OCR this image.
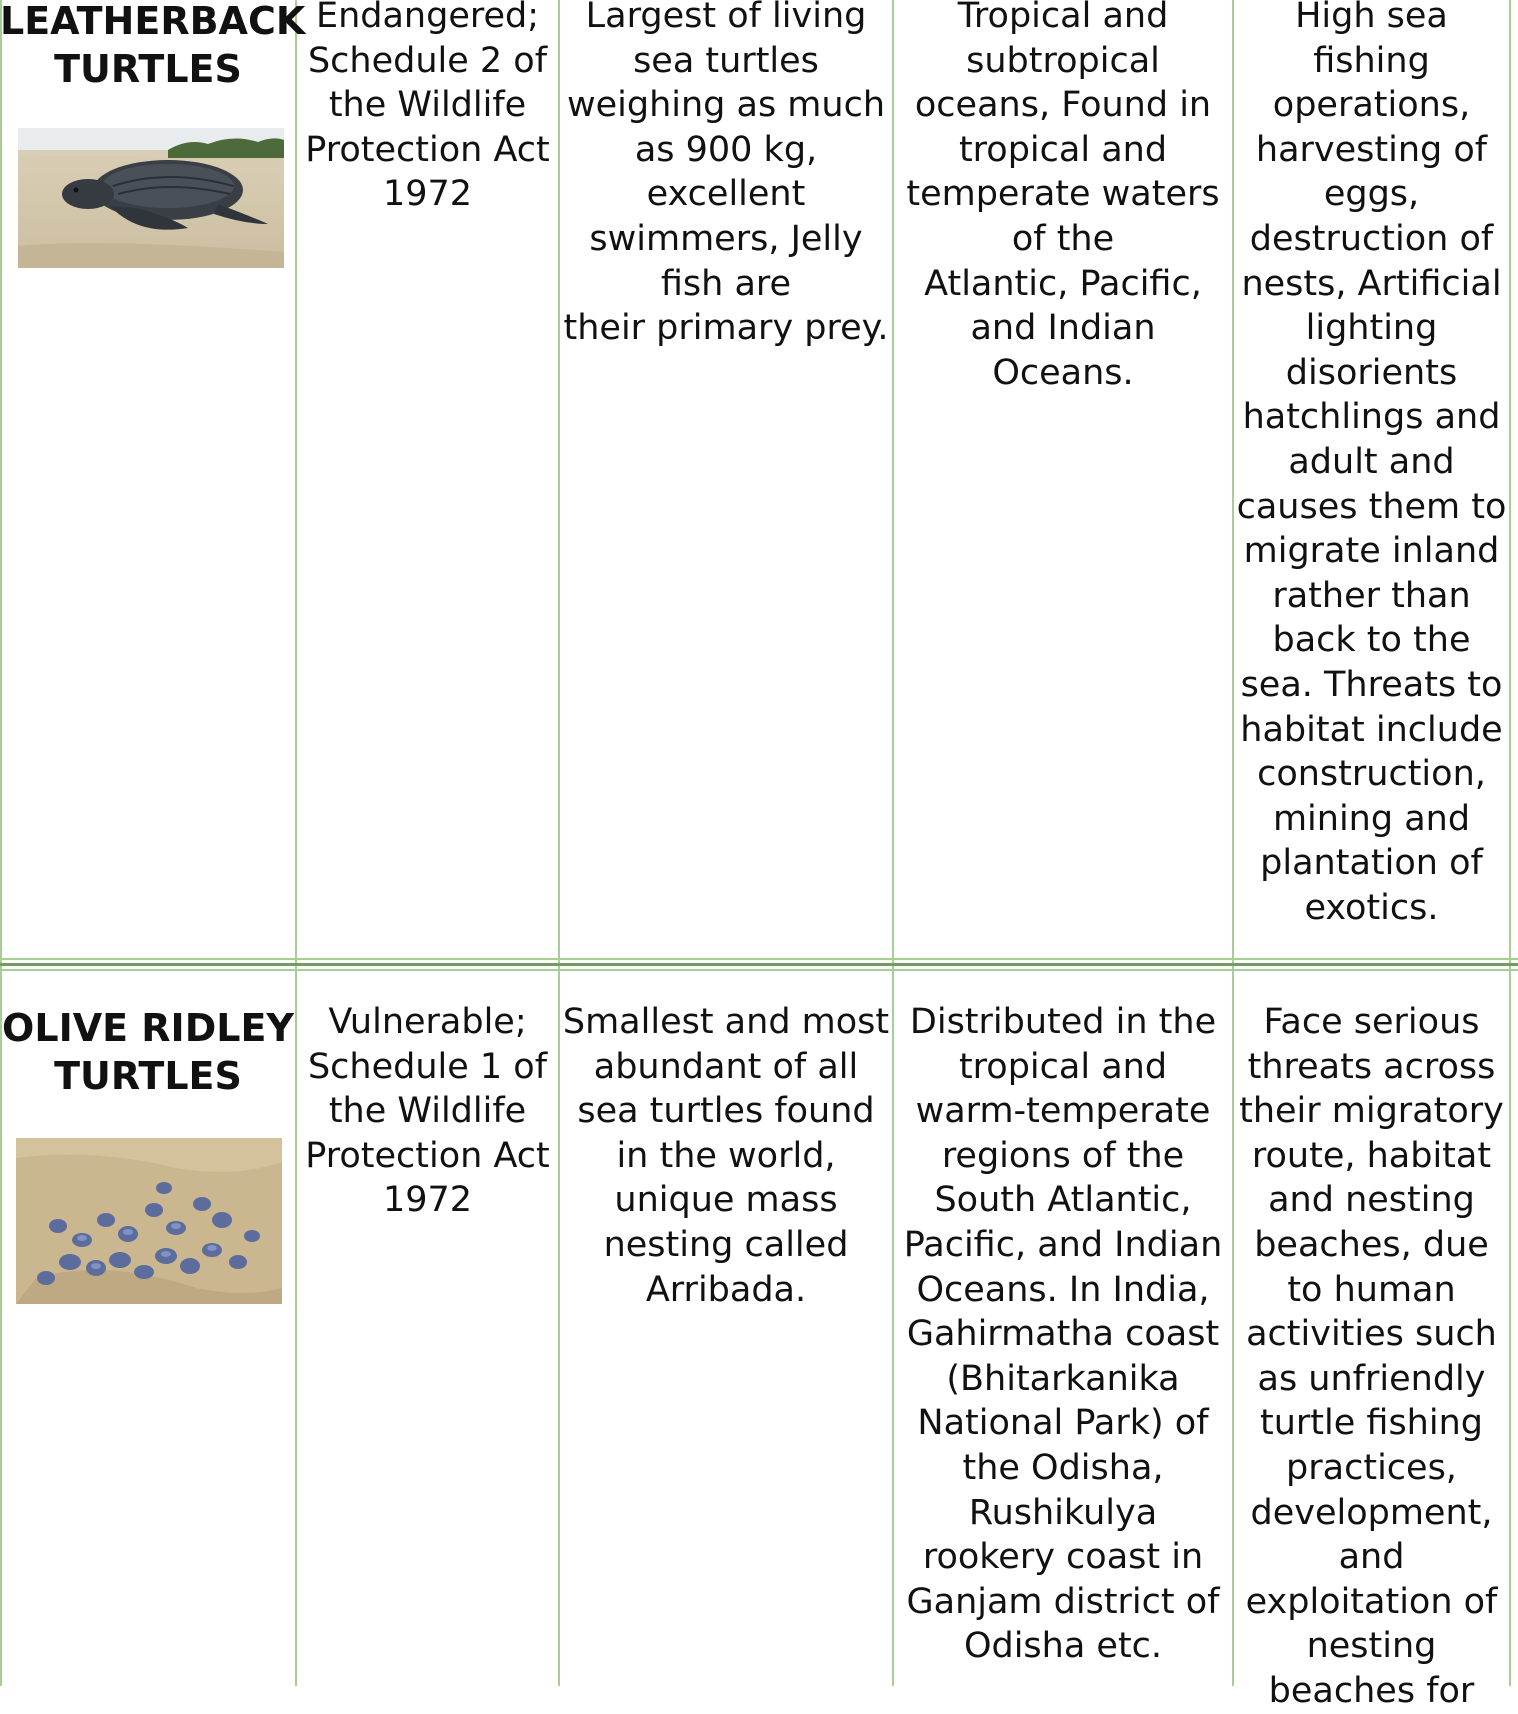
LEATHERBACK
TURTLES
Endangered;
Schedule 2 of
the Wildlife
Protection Act
1972
Largest of living
sea turtles
weighing as much
as 900 kg,
excellent
swimmers, Jelly
fish are
their primary prey.
Tropical and
subtropical
oceans, Found in
tropical and
temperate waters
of the
Atlantic, Pacific,
and Indian
Oceans.
High sea
fishing
operations,
harvesting of
eggs,
destruction of
nests, Artificial
lighting
disorients
hatchlings and
adult and
causes them to
migrate inland
rather than
back to the
sea. Threats to
habitat include
construction,
mining and
plantation of
exotics.
OLIVE RIDLEY
TURTLES
Vulnerable;
Schedule 1 of
the Wildlife
Protection Act
1972
Smallest and most
abundant of all
sea turtles found
in the world,
unique mass
nesting called
Arribada.
Distributed in the
tropical and
warm-temperate
regions of the
South Atlantic,
Pacific, and Indian
Oceans. In India,
Gahirmatha coast
(Bhitarkanika
National Park) of
the Odisha,
Rushikulya
rookery coast in
Ganjam district of
Odisha etc.
Face serious
threats across
their migratory
route, habitat
and nesting
beaches, due
to human
activities such
as unfriendly
turtle fishing
practices,
development,
and
exploitation of
nesting
beaches for
